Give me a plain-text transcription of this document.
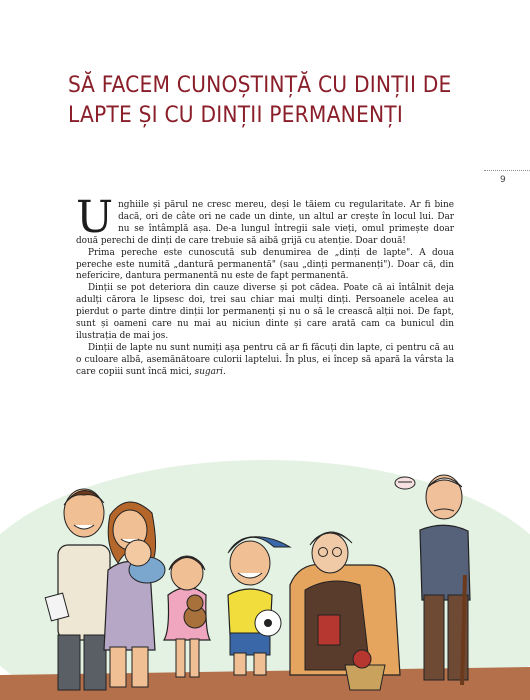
SĂ FACEM CUNOȘTINȚĂ CU DINȚII DE
LAPTE ȘI CU DINȚII PERMANENȚI
9

Unghiile și părul ne cresc mereu, deși le tăiem cu regularitate. Ar fi bine dacă, ori de câte ori ne cade un dinte, un altul ar crește în locul lui. Dar nu se întâmplă așa. De-a lungul întregii sale vieți, omul primește doar două perechi de dinți de care trebuie să aibă grijă cu atenție. Doar două!

Prima pereche este cunoscută sub denumirea de „dinți de lapte". A doua pereche este numită „dantură permanentă" (sau „dinți permanenți"). Doar că, din nefericire, dantura permanentă nu este de fapt permanentă.

Dinții se pot deteriora din cauze diverse și pot cădea. Poate că ai întâlnit deja adulți cărora le lipsesc doi, trei sau chiar mai mulți dinți. Persoanele acelea au pierdut o parte dintre dinții lor permanenți și nu o să le crească alții noi. De fapt, sunt și oameni care nu mai au niciun dinte și care arată cam ca bunicul din ilustrația de mai jos.

Dinții de lapte nu sunt numiți așa pentru că ar fi făcuți din lapte, ci pentru că au o culoare albă, asemănătoare culorii laptelui. În plus, ei încep să apară la vârsta la care copiii sunt încă mici, sugari.
